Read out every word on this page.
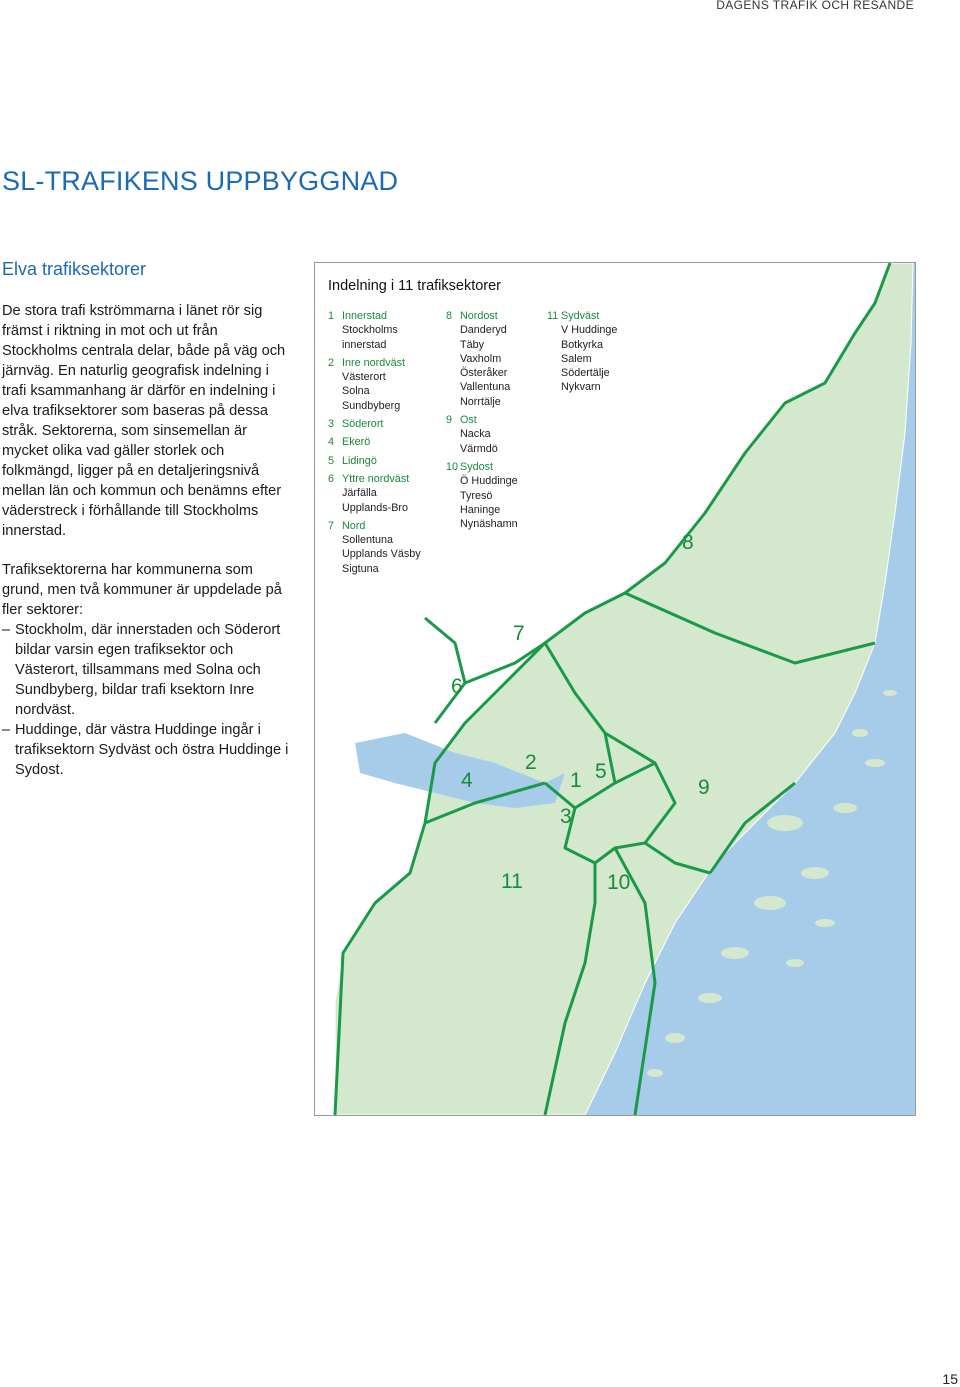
DAGENS TRAFIK OCH RESANDE
SL-TRAFIKENS UPPBYGGNAD
Elva trafiksektorer

De stora trafi kströmmarna i länet rör sig främst i riktning in mot och ut från Stockholms centrala delar, både på väg och järnväg. En naturlig geografisk indelning i trafi ksammanhang är därför en indelning i elva trafiksektorer som baseras på dessa stråk. Sektorerna, som sinsemellan är mycket olika vad gäller storlek och folkmängd, ligger på en detaljeringsnivå mellan län och kommun och benämns efter väderstreck i förhållande till Stockholms innerstad.

Trafiksektorerna har kommunerna som grund, men två kommuner är uppdelade på fler sektorer:

– Stockholm, där innerstaden och Söderort bildar varsin egen trafiksektor och Västerort, tillsammans med Solna och Sundbyberg, bildar trafi ksektorn Inre nordväst.
– Huddinge, där västra Huddinge ingår i trafiksektorn Sydväst och östra Huddinge i Sydost.
Indelning i 11 trafiksektorer
1 Innerstad
Stockholms
innerstad
2 Inre nordväst
Västerort
Solna
Sundbyberg
3 Söderort
4 Ekerö
5 Lidingö
6 Yttre nordväst
Järfälla
Upplands-Bro
7 Nord
Sollentuna
Upplands Väsby
Sigtuna
8 Nordost
Danderyd
Täby
Vaxholm
Österåker
Vallentuna
Norrtälje
9 Ost
Nacka
Värmdö
10 Sydost
Ö Huddinge
Tyresö
Haninge
Nynäshamn
11 Sydväst
V Huddinge
Botkyrka
Salem
Södertälje
Nykvarn
1
2
3
4	5
6
7
8
9
10
11
15
